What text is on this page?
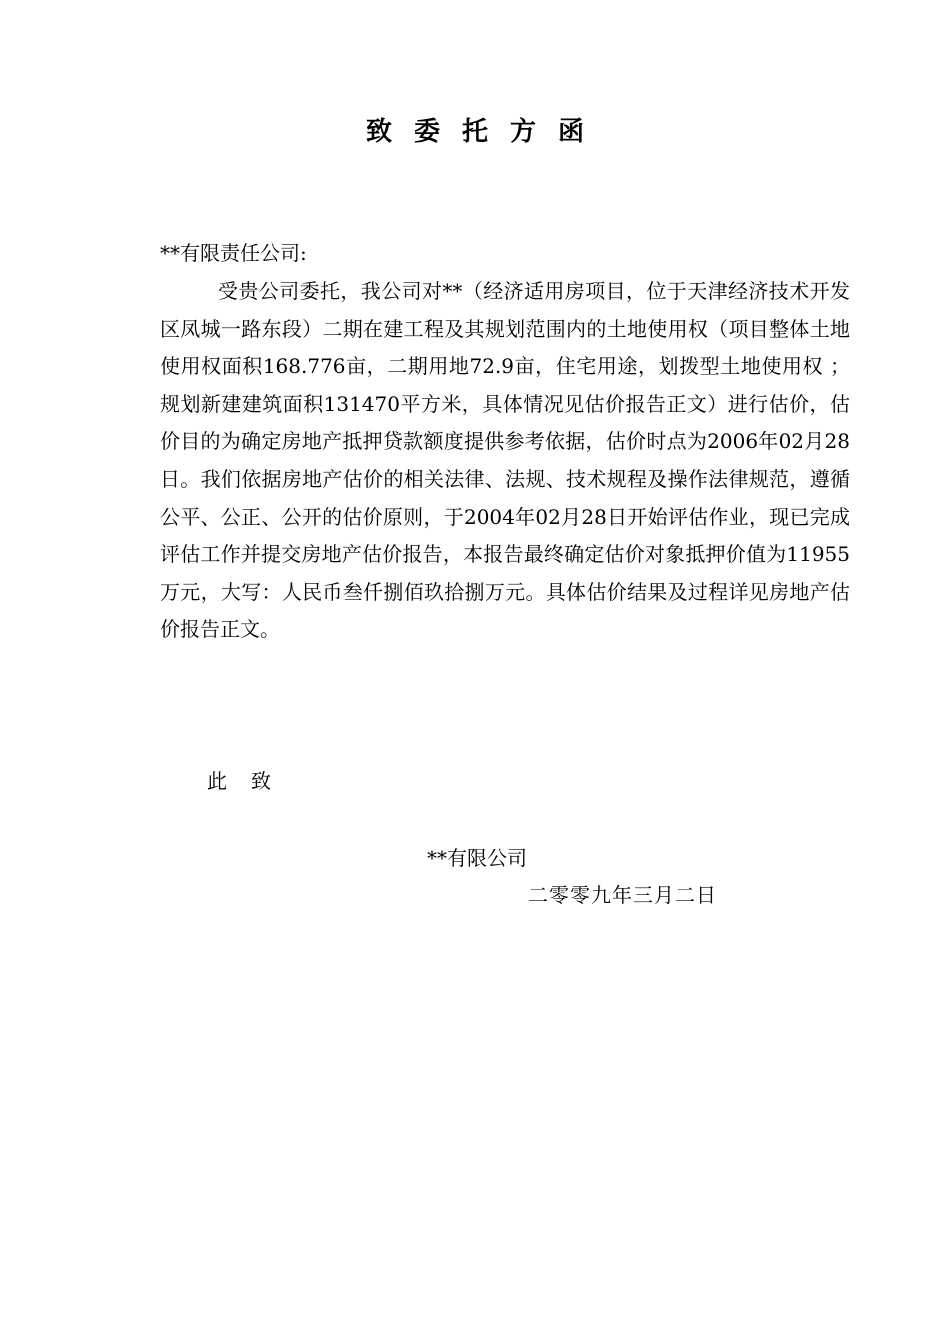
致委托方函
**有限责任公司:
受贵公司委托，我公司对**（经济适用房项目，位于天津经济技术开发区凤城一路东段）二期在建工程及其规划范围内的土地使用权（项目整体土地使用权面积168.776亩，二期用地72.9亩，住宅用途，划拨型土地使用权 ；规划新建建筑面积131470平方米，具体情况见估价报告正文）进行估价，估价目的为确定房地产抵押贷款额度提供参考依据，估价时点为2006年02月28日。我们依据房地产估价的相关法律、法规、技术规程及操作法律规范，遵循公平、公正、公开的估价原则，于2004年02月28日开始评估作业，现已完成评估工作并提交房地产估价报告，本报告最终确定估价对象抵押价值为11955万元，大写：人民币叁仟捌佰玖拾捌万元。具体估价结果及过程详见房地产估价报告正文。
此致
**有限公司
二零零九年三月二日
